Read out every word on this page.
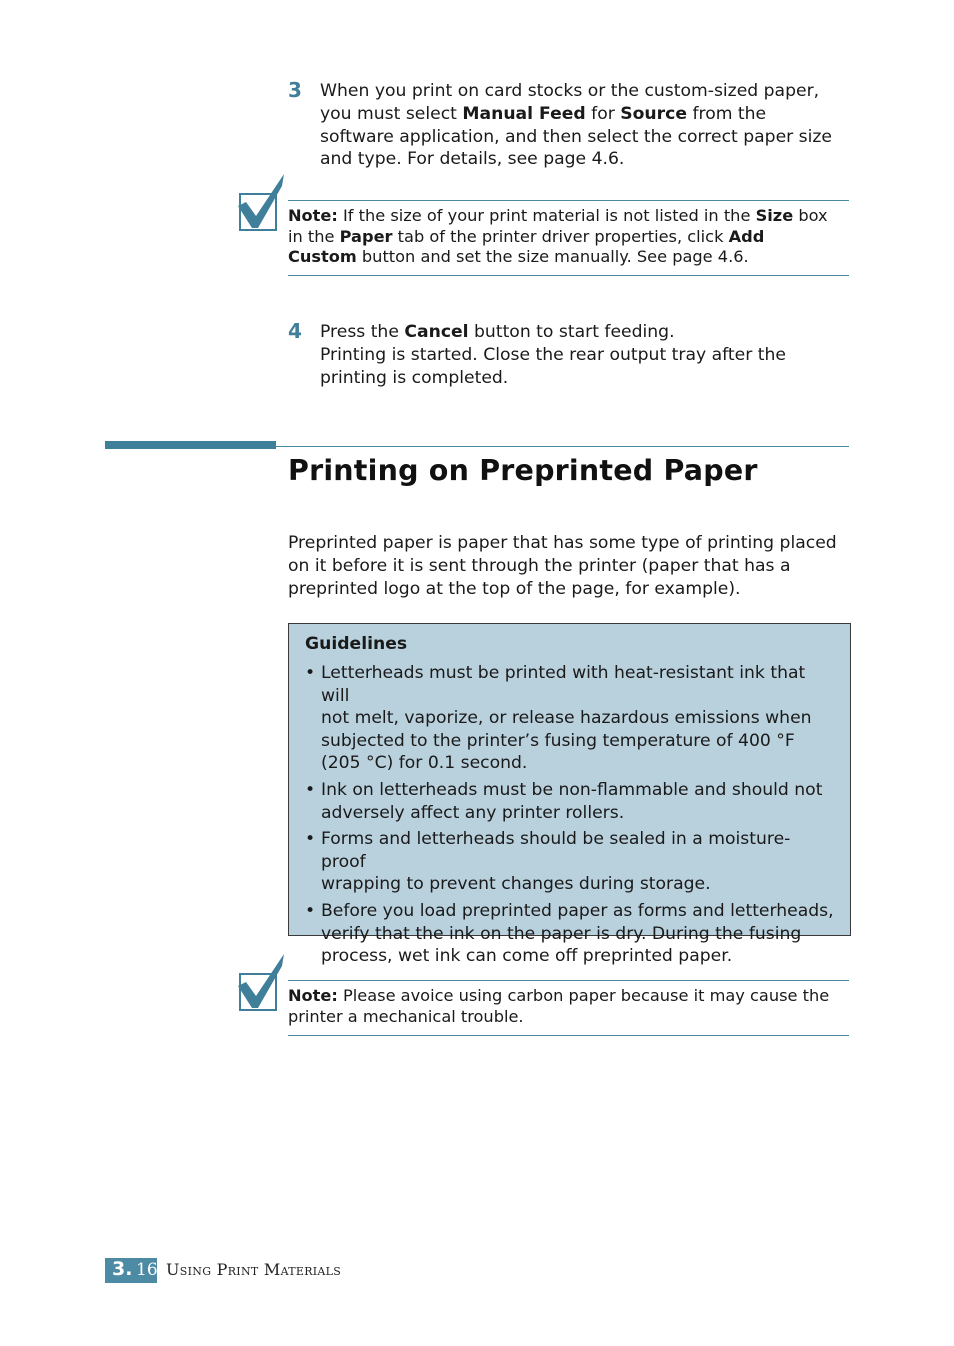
3 When you print on card stocks or the custom-sized paper,
you must select Manual Feed for Source from the
software application, and then select the correct paper size
and type. For details, see page 4.6.
Note: If the size of your print material is not listed in the Size box
in the Paper tab of the printer driver properties, click Add
Custom button and set the size manually. See page 4.6.
4 Press the Cancel button to start feeding.
Printing is started. Close the rear output tray after the
printing is completed.
Printing on Preprinted Paper
Preprinted paper is paper that has some type of printing placed
on it before it is sent through the printer (paper that has a
preprinted logo at the top of the page, for example).
Guidelines
• Letterheads must be printed with heat-resistant ink that will
not melt, vaporize, or release hazardous emissions when
subjected to the printer’s fusing temperature of 400 °F
(205 °C) for 0.1 second.
• Ink on letterheads must be non-flammable and should not
adversely affect any printer rollers.
• Forms and letterheads should be sealed in a moisture-proof
wrapping to prevent changes during storage.
• Before you load preprinted paper as forms and letterheads,
verify that the ink on the paper is dry. During the fusing
process, wet ink can come off preprinted paper.
Note: Please avoice using carbon paper because it may cause the
printer a mechanical trouble.
3. 16 Using Print Materials
